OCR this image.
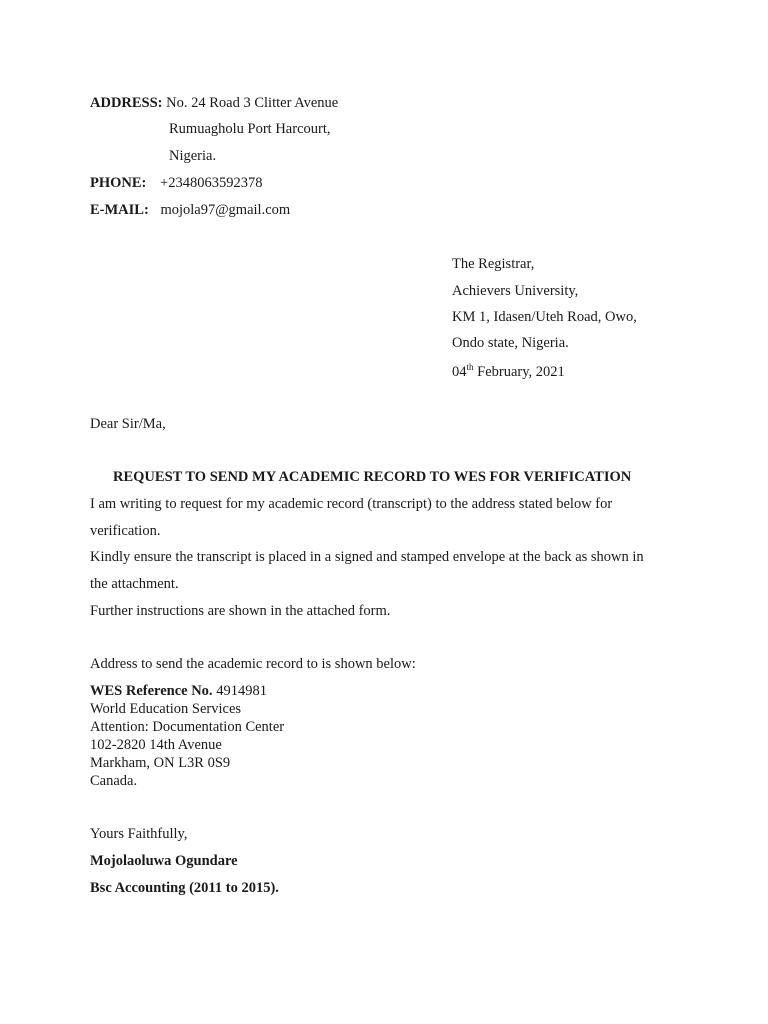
ADDRESS: No. 24 Road 3 Clitter Avenue
Rumuagholu Port Harcourt,
Nigeria.
PHONE: +2348063592378
E-MAIL: mojola97@gmail.com
The Registrar,
Achievers University,
KM 1, Idasen/Uteh Road, Owo,
Ondo state, Nigeria.
04th February, 2021
Dear Sir/Ma,
REQUEST TO SEND MY ACADEMIC RECORD TO WES FOR VERIFICATION
I am writing to request for my academic record (transcript) to the address stated below for
verification.
Kindly ensure the transcript is placed in a signed and stamped envelope at the back as shown in
the attachment.
Further instructions are shown in the attached form.
Address to send the academic record to is shown below:
WES Reference No. 4914981
World Education Services
Attention: Documentation Center
102-2820 14th Avenue
Markham, ON L3R 0S9
Canada.
Yours Faithfully,
Mojolaoluwa Ogundare
Bsc Accounting (2011 to 2015).
